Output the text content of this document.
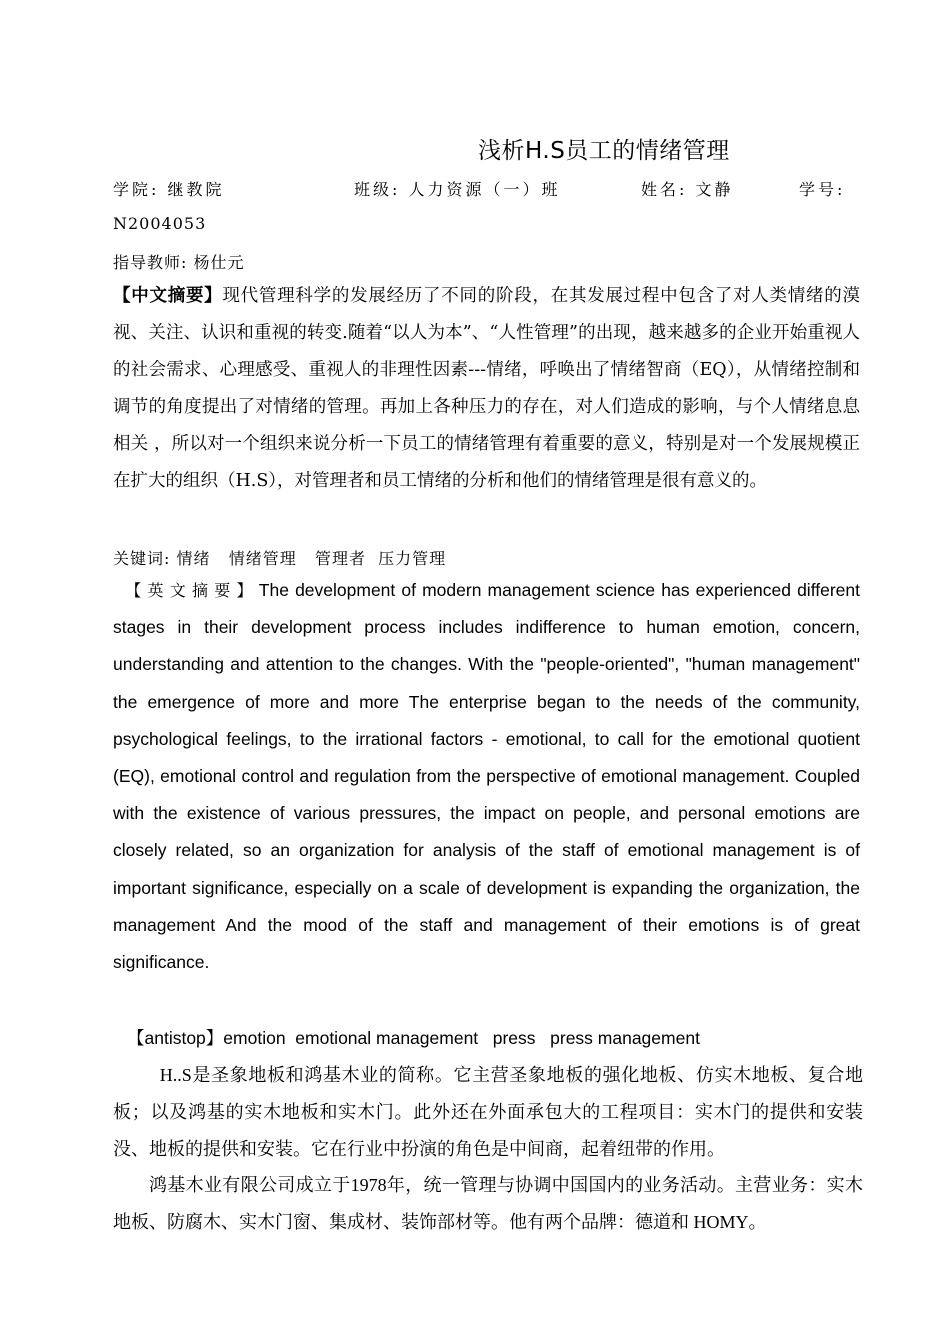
浅析H.S员工的情绪管理
学院: 继教院	班级: 人力资源（一）班	姓名: 文静	学号:
N2004053
指导教师: 杨仕元

【中文摘要】现代管理科学的发展经历了不同的阶段，在其发展过程中包含了对人类情绪的漠视、关注、认识和重视的转变.随着“以人为本”、“人性管理”的出现，越来越多的企业开始重视人的社会需求、心理感受、重视人的非理性因素---情绪，呼唤出了情绪智商（EQ），从情绪控制和调节的角度提出了对情绪的管理。再加上各种压力的存在，对人们造成的影响，与个人情绪息息相关 ，所以对一个组织来说分析一下员工的情绪管理有着重要的意义，特别是对一个发展规模正在扩大的组织（H.S），对管理者和员工情绪的分析和他们的情绪管理是很有意义的。

关键词: 情绪   情绪管理   管理者  压力管理

【英文摘要】The development of modern management science has experienced different stages in their development process includes indifference to human emotion, concern, understanding and attention to the changes. With the "people-oriented", "human management" the emergence of more and more The enterprise began to the needs of the community, psychological feelings, to the irrational factors - emotional, to call for the emotional quotient (EQ), emotional control and regulation from the perspective of emotional management. Coupled with the existence of various pressures, the impact on people, and personal emotions are closely related, so an organization for analysis of the staff of emotional management is of important significance, especially on a scale of development is expanding the organization, the management And the mood of the staff and management of their emotions is of great significance.

【antistop】emotion  emotional management   press   press management

H..S是圣象地板和鸿基木业的简称。它主营圣象地板的强化地板、仿实木地板、复合地板；以及鸿基的实木地板和实木门。此外还在外面承包大的工程项目：实木门的提供和安装没、地板的提供和安装。它在行业中扮演的角色是中间商，起着纽带的作用。

鸿基木业有限公司成立于1978年，统一管理与协调中国国内的业务活动。主营业务：实木地板、防腐木、实木门窗、集成材、装饰部材等。他有两个品牌：德道和 HOMY。
